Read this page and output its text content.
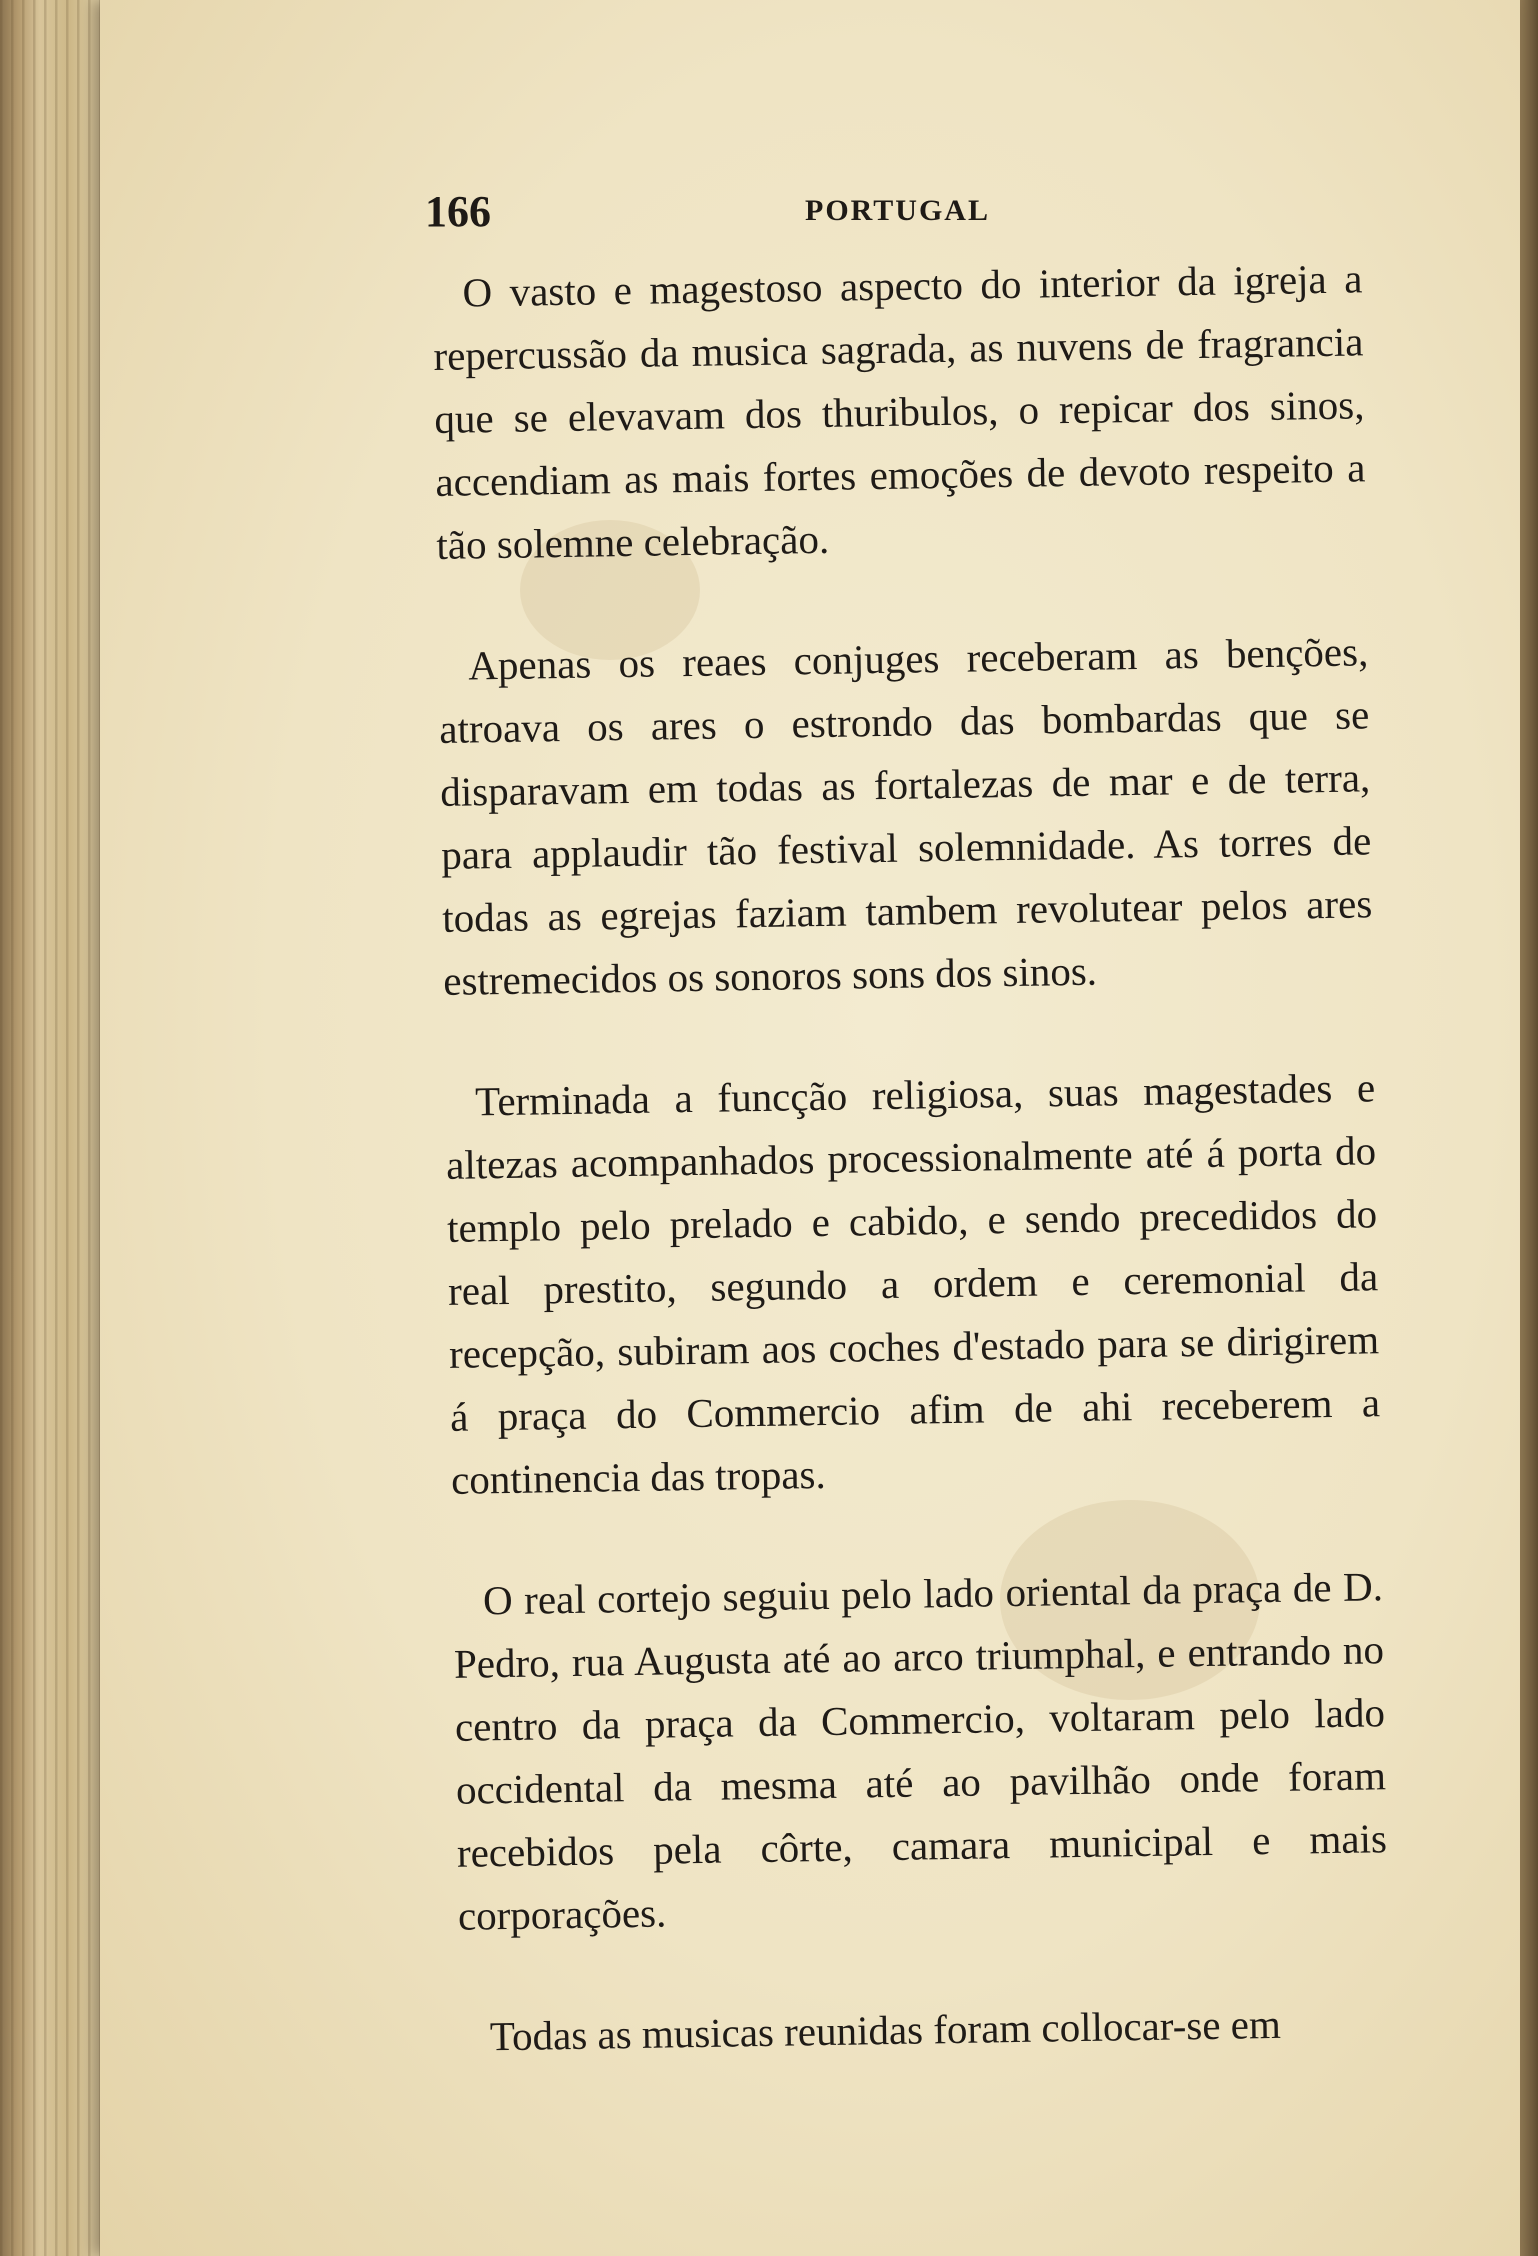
166	PORTUGAL

O vasto e magestoso aspecto do interior da igreja a repercussão da musica sagrada, as nuvens de fragrancia que se elevavam dos thuribulos, o repicar dos sinos, accendiam as mais fortes emoções de devoto respeito a tão solemne celebração.

Apenas os reaes conjuges receberam as benções, atroava os ares o estrondo das bombardas que se disparavam em todas as fortalezas de mar e de terra, para applaudir tão festival solemnidade. As torres de todas as egrejas faziam tambem revolutear pelos ares estremecidos os sonoros sons dos sinos.

Terminada a funcção religiosa, suas magestades e altezas acompanhados processionalmente até á porta do templo pelo prelado e cabido, e sendo precedidos do real prestito, segundo a ordem e ceremonial da recepção, subiram aos coches d'estado para se dirigirem á praça do Commercio afim de ahi receberem a continencia das tropas.

O real cortejo seguiu pelo lado oriental da praça de D. Pedro, rua Augusta até ao arco triumphal, e entrando no centro da praça da Commercio, voltaram pelo lado occidental da mesma até ao pavilhão onde foram recebidos pela côrte, camara municipal e mais corporações.

Todas as musicas reunidas foram collocar-se em
